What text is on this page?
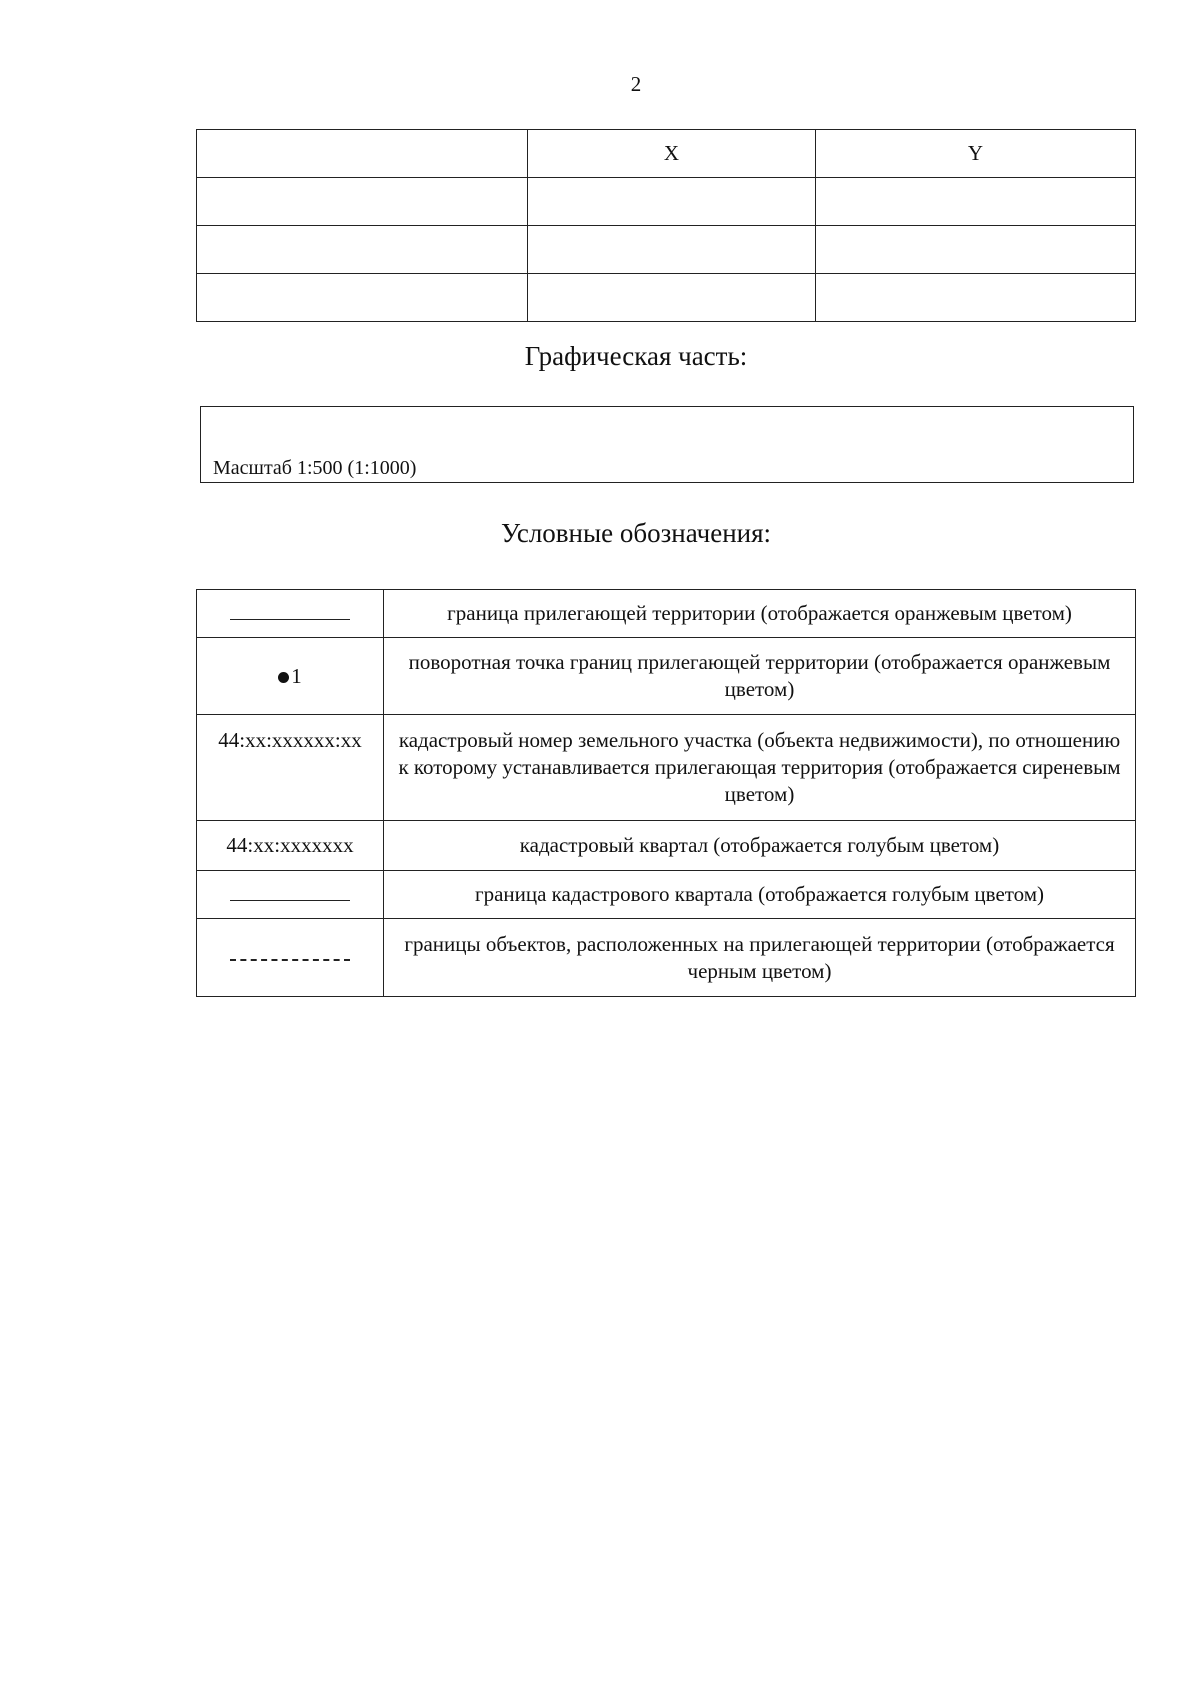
2
	X	Y

Графическая часть:
Масштаб 1:500 (1:1000)
Условные обозначения:
	граница прилегающей территории (отображается оранжевым цветом)
1	поворотная точка границ прилегающей территории (отображается оранжевым цветом)
44:xx:xxxxxx:xx	кадастровый номер земельного участка (объекта недвижимости), по отношению к которому устанавливается прилегающая территория (отображается сиреневым цветом)
44:xx:xxxxxxx	кадастровый квартал (отображается голубым цветом)
	граница кадастрового квартала (отображается голубым цветом)
	границы объектов, расположенных на прилегающей территории (отображается черным цветом)
